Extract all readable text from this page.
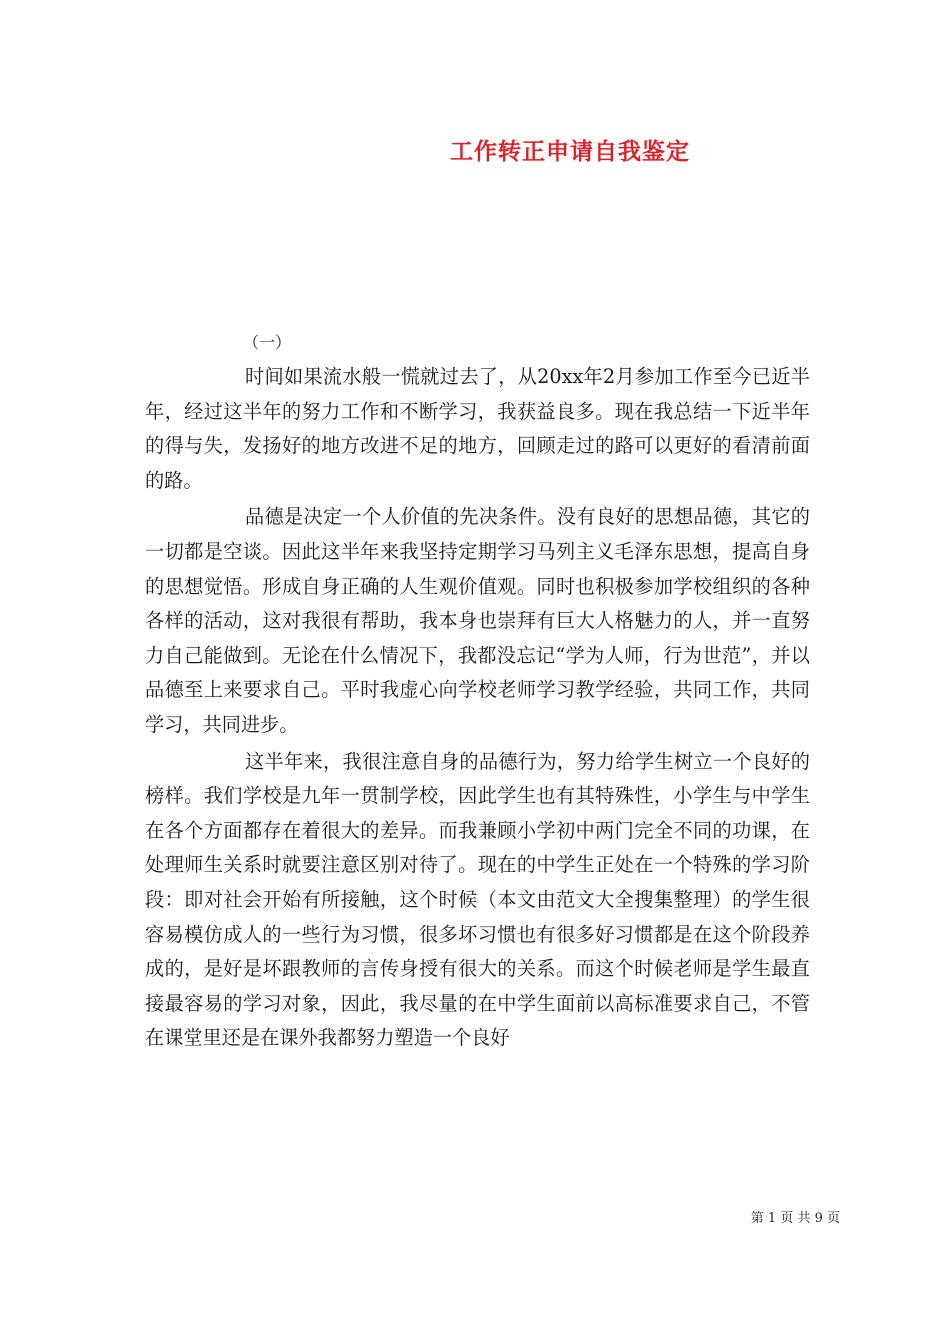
工作转正申请自我鉴定

（一）

时间如果流水般一慌就过去了，从20xx年2月参加工作至今已近半年，经过这半年的努力工作和不断学习，我获益良多。现在我总结一下近半年的得与失，发扬好的地方改进不足的地方，回顾走过的路可以更好的看清前面的路。

品德是决定一个人价值的先决条件。没有良好的思想品德，其它的一切都是空谈。因此这半年来我坚持定期学习马列主义毛泽东思想，提高自身的思想觉悟。形成自身正确的人生观价值观。同时也积极参加学校组织的各种各样的活动，这对我很有帮助，我本身也崇拜有巨大人格魅力的人，并一直努力自己能做到。无论在什么情况下，我都没忘记“学为人师，行为世范”，并以品德至上来要求自己。平时我虚心向学校老师学习教学经验，共同工作，共同学习，共同进步。

这半年来，我很注意自身的品德行为，努力给学生树立一个良好的榜样。我们学校是九年一贯制学校，因此学生也有其特殊性，小学生与中学生在各个方面都存在着很大的差异。而我兼顾小学初中两门完全不同的功课，在处理师生关系时就要注意区别对待了。现在的中学生正处在一个特殊的学习阶段：即对社会开始有所接触，这个时候（本文由范文大全搜集整理）的学生很容易模仿成人的一些行为习惯，很多坏习惯也有很多好习惯都是在这个阶段养成的，是好是坏跟教师的言传身授有很大的关系。而这个时候老师是学生最直接最容易的学习对象，因此，我尽量的在中学生面前以高标准要求自己，不管在课堂里还是在课外我都努力塑造一个良好

第 1 页 共 9 页
